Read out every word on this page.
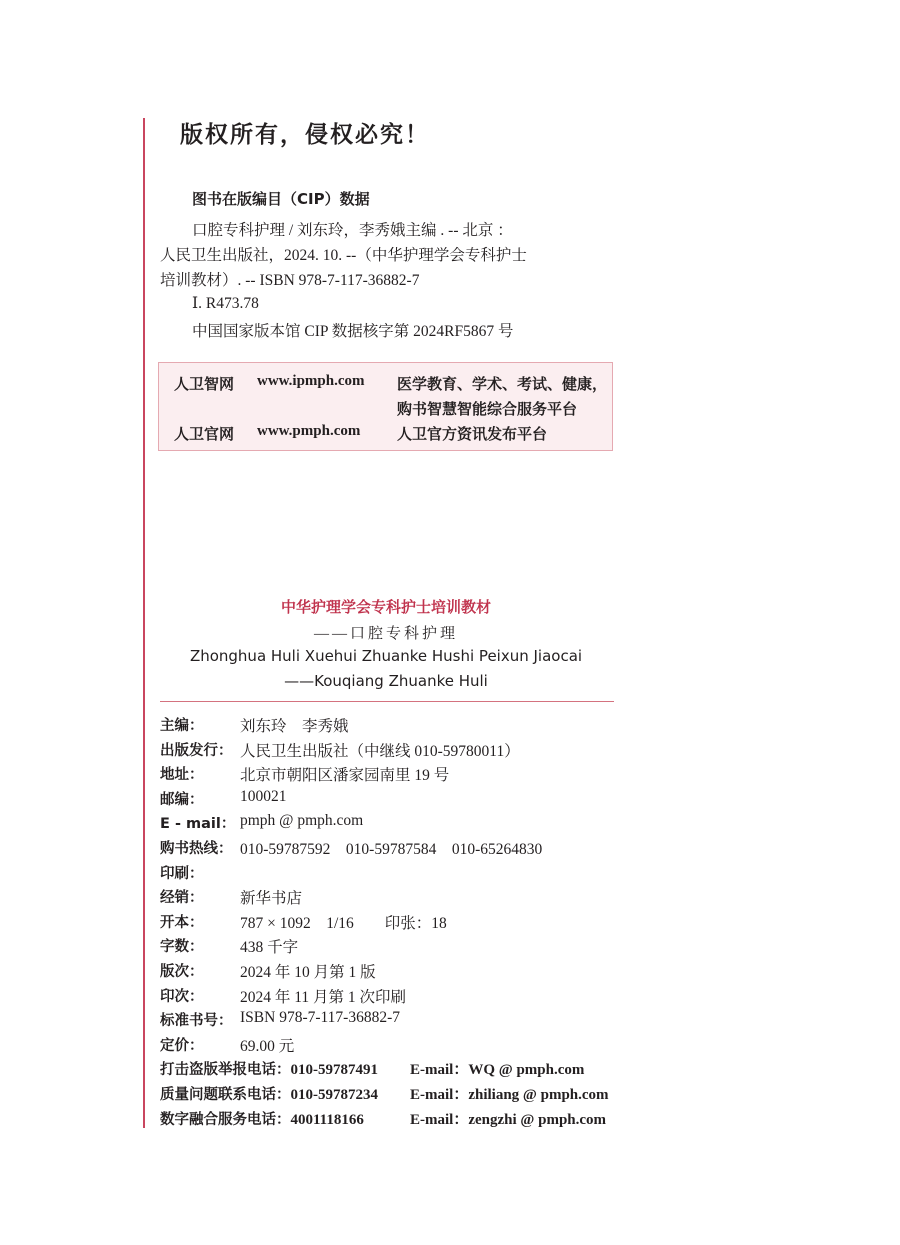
版权所有，侵权必究！
图书在版编目（CIP）数据
口腔专科护理 / 刘东玲，李秀娥主编 . -- 北京 ：
人民卫生出版社，2024. 10. --（中华护理学会专科护士
培训教材）. -- ISBN 978-7-117-36882-7
Ⅰ. R473.78
中国国家版本馆 CIP 数据核字第 2024RF5867 号
人卫智网 www.ipmph.com 医学教育、学术、考试、健康，
购书智慧智能综合服务平台
人卫官网 www.pmph.com 人卫官方资讯发布平台
中华护理学会专科护士培训教材
——口腔专科护理
Zhonghua Huli Xuehui Zhuanke Hushi Peixun Jiaocai
——Kouqiang Zhuanke Huli
主编：	刘东玲　李秀娥
出版发行： 人民卫生出版社（中继线 010-59780011）
地址：	北京市朝阳区潘家园南里 19 号
邮编：	100021
E - mail： pmph @ pmph.com
购书热线： 010-59787592　010-59787584　010-65264830
印刷：
经销：	新华书店
开本：	787 × 1092　1/16　　印张：18
字数：	438 千字
版次：	2024 年 10 月第 1 版
印次：	2024 年 11 月第 1 次印刷
标准书号： ISBN 978-7-117-36882-7
定价：	69.00 元
打击盗版举报电话：010-59787491 E-mail：WQ @ pmph.com
质量问题联系电话：010-59787234 E-mail：zhiliang @ pmph.com
数字融合服务电话：4001118166	E-mail：zengzhi @ pmph.com
